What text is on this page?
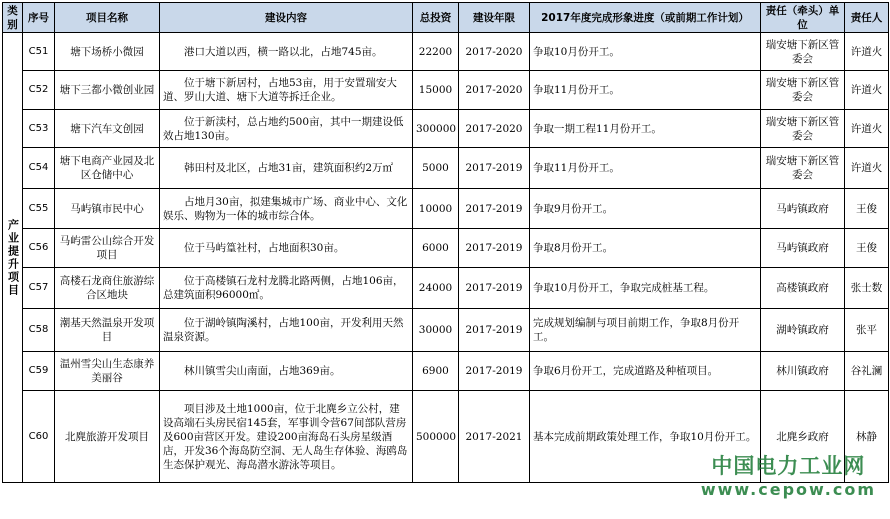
类别	序号	项目名称	建设内容	总投资	建设年限	2017年度完成形象进度（或前期工作计划）	责任（牵头）单位	责任人
产业提升项目	C51	塘下场桥小微园	港口大道以西，横一路以北，占地745亩。	22200	2017-2020	争取10月份开工。	瑞安塘下新区管委会	许道火
	C52	塘下三都小微创业园	位于塘下新居村，占地53亩，用于安置瑞安大道、罗山大道、塘下大道等拆迁企业。	15000	2017-2020	争取11月份开工。	瑞安塘下新区管委会	许道火
	C53	塘下汽车文创园	位于新渎村，总占地约500亩，其中一期建设低效占地130亩。	300000	2017-2020	争取一期工程11月份开工。	瑞安塘下新区管委会	许道火
	C54	塘下电商产业园及北区仓储中心	韩田村及北区，占地31亩，建筑面积约2万㎡	5000	2017-2019	争取11月份开工。	瑞安塘下新区管委会	许道火
	C55	马屿镇市民中心	占地月30亩，拟建集城市广场、商业中心、文化娱乐、购物为一体的城市综合体。	10000	2017-2019	争取9月份开工。	马屿镇政府	王俊
	C56	马屿雷公山综合开发项目	位于马屿篁社村，占地面积30亩。	6000	2017-2019	争取8月份开工。	马屿镇政府	王俊
	C57	高楼石龙商住旅游综合区地块	位于高楼镇石龙村龙腾北路两侧，占地106亩，总建筑面积96000㎡。	24000	2017-2019	争取10月份开工，争取完成桩基工程。	高楼镇政府	张士数
	C58	潮基天然温泉开发项目	位于湖岭镇陶溪村，占地100亩，开发利用天然温泉资源。	30000	2017-2019	完成规划编制与项目前期工作，争取8月份开工。	湖岭镇政府	张平
	C59	温州雪尖山生态康养美丽谷	林川镇雪尖山南面，占地369亩。	6900	2017-2019	争取6月份开工，完成道路及种植项目。	林川镇政府	谷礼澜
	C60	北麂旅游开发项目	项目涉及土地1000亩，位于北麂乡立公村，建设高端石头房民宿145套，军事训令营67间部队营房及600亩营区开发。建设200亩海岛石头房星级酒店，开发36个海岛防空洞、无人岛生存体验、海鸥岛生态保护观光、海岛潜水游泳等项目。	500000	2017-2021	基本完成前期政策处理工作，争取10月份开工。	北麂乡政府	林静
中国电力工业网
www.cepow.com
